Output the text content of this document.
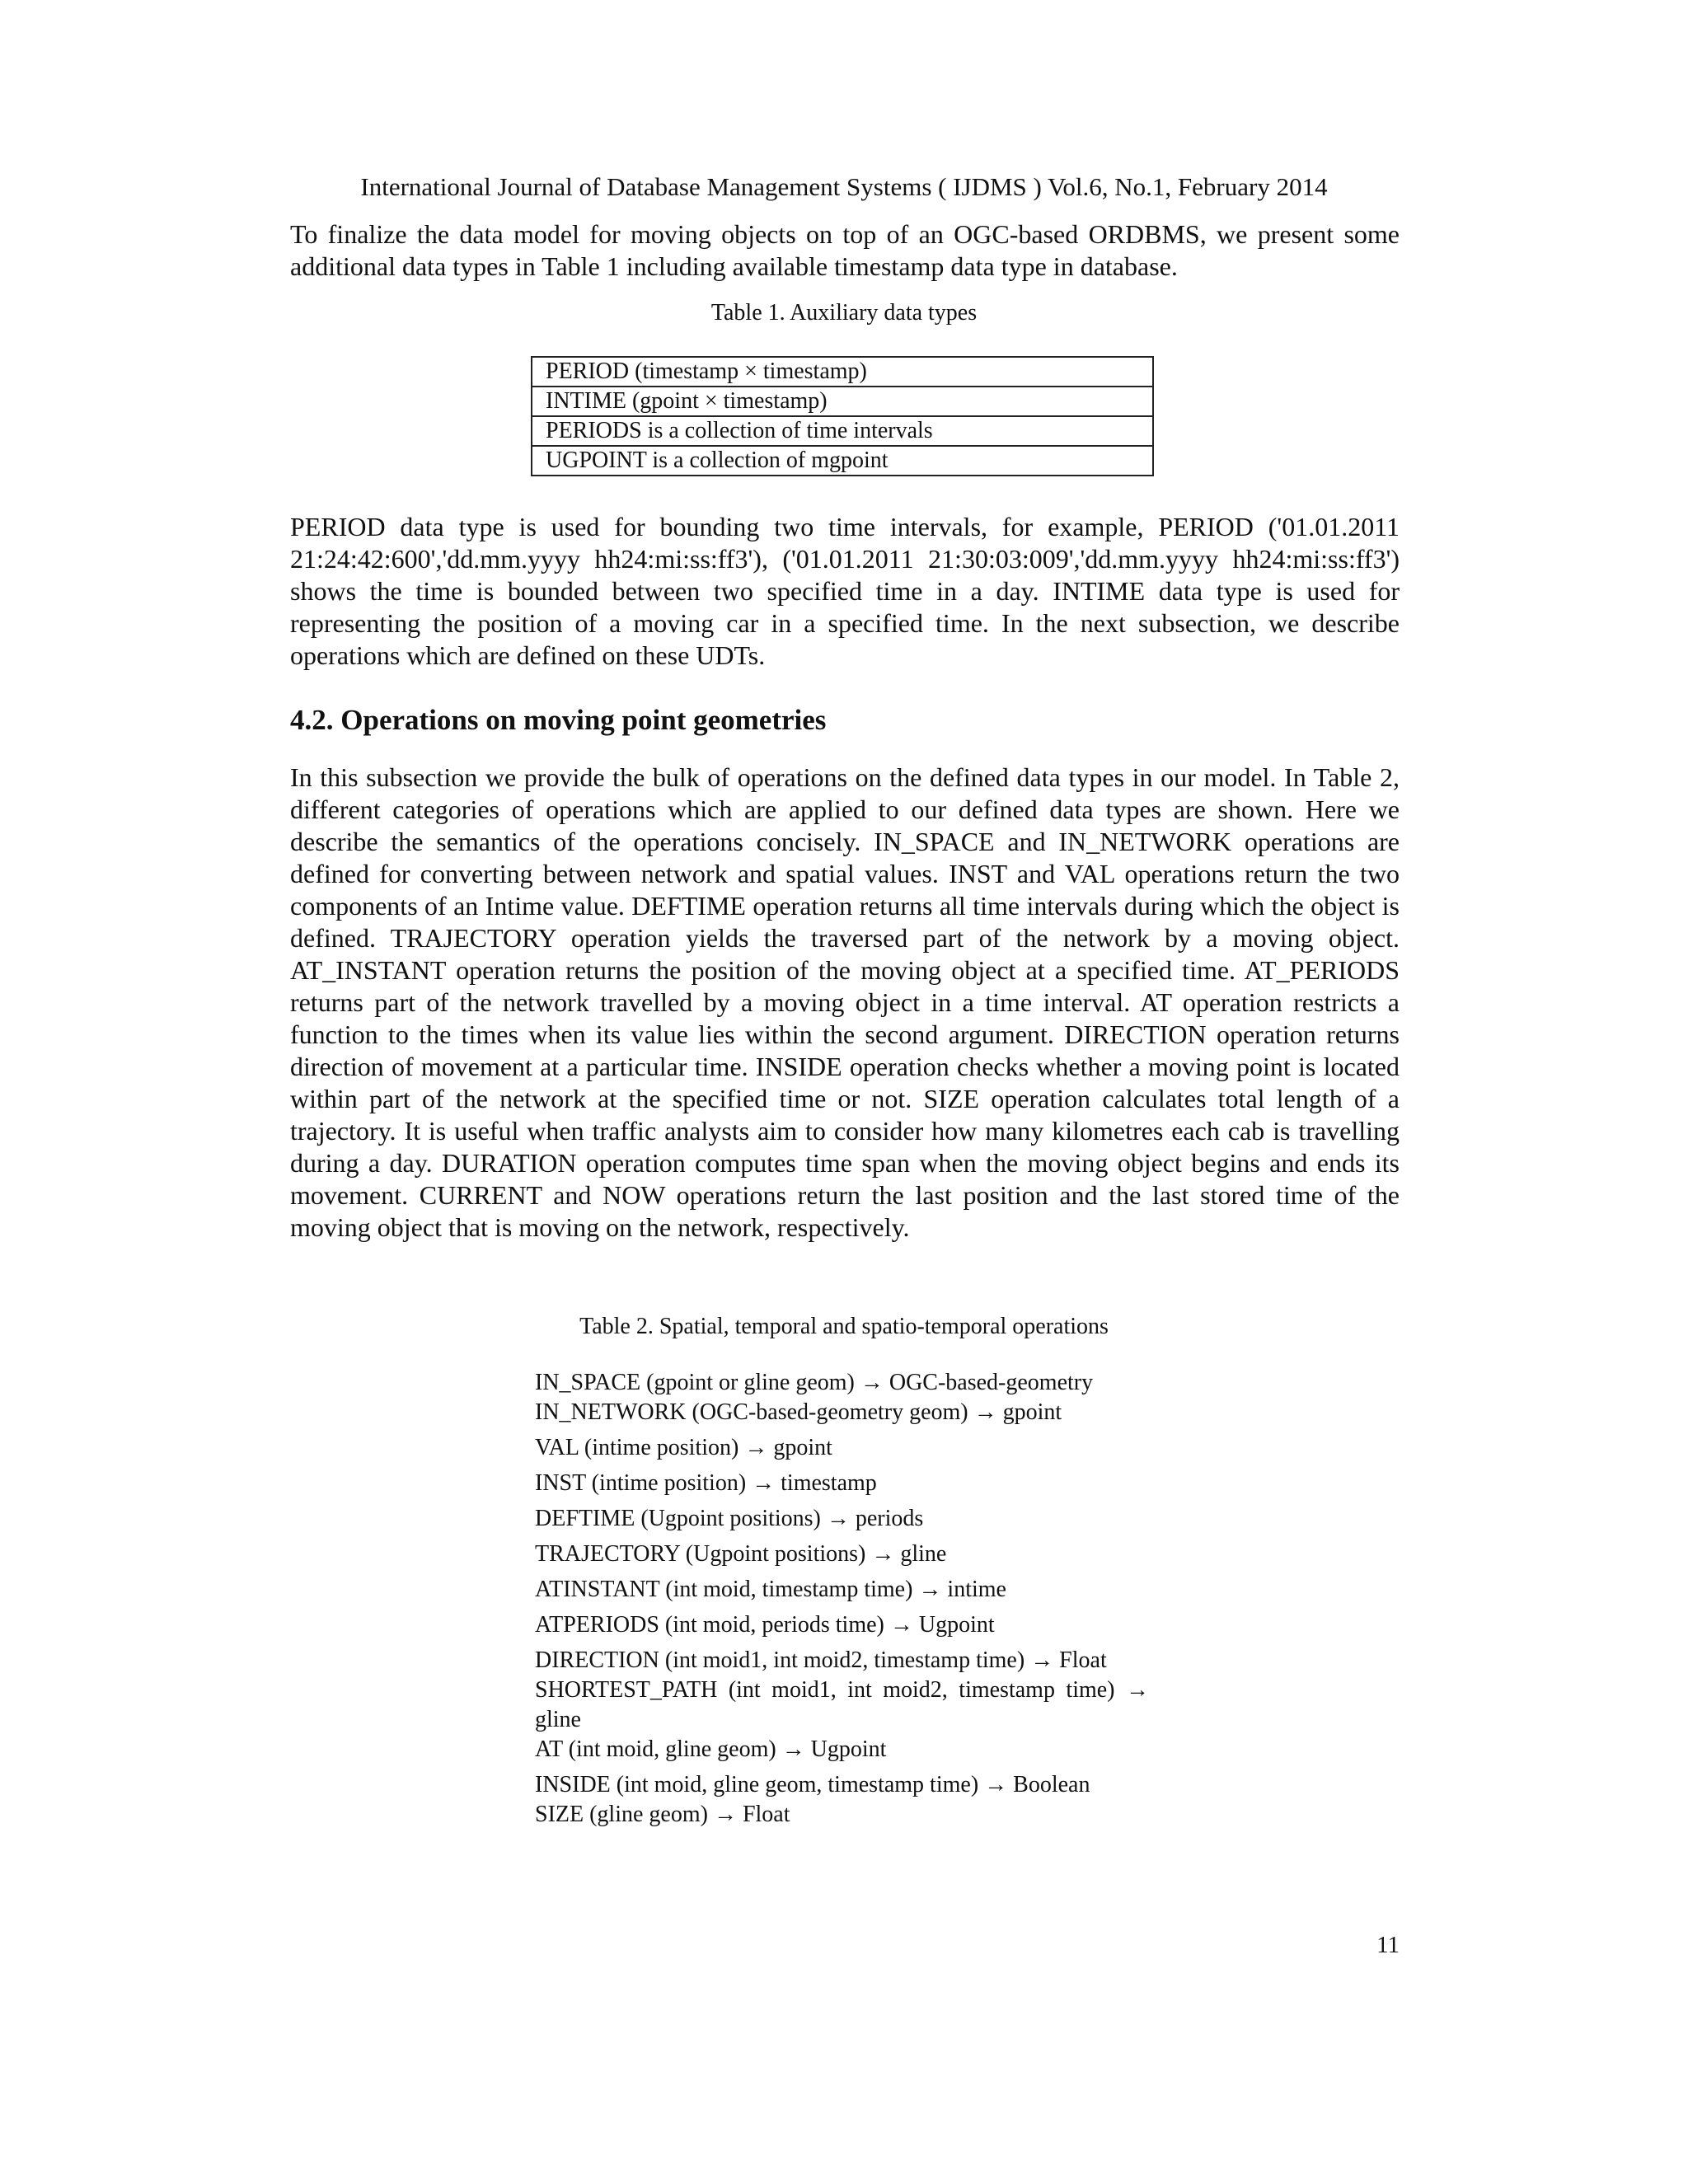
International Journal of Database Management Systems ( IJDMS ) Vol.6, No.1, February 2014

To finalize the data model for moving objects on top of an OGC-based ORDBMS, we present some additional data types in Table 1 including available timestamp data type in database.

Table 1. Auxiliary data types
PERIOD (timestamp × timestamp)
INTIME (gpoint × timestamp)
PERIODS is a collection of time intervals
UGPOINT is a collection of mgpoint

PERIOD data type is used for bounding two time intervals, for example, PERIOD ('01.01.2011 21:24:42:600','dd.mm.yyyy hh24:mi:ss:ff3'), ('01.01.2011 21:30:03:009','dd.mm.yyyy hh24:mi:ss:ff3') shows the time is bounded between two specified time in a day. INTIME data type is used for representing the position of a moving car in a specified time. In the next subsection, we describe operations which are defined on these UDTs.

4.2. Operations on moving point geometries

In this subsection we provide the bulk of operations on the defined data types in our model. In Table 2, different categories of operations which are applied to our defined data types are shown. Here we describe the semantics of the operations concisely. IN_SPACE and IN_NETWORK operations are defined for converting between network and spatial values. INST and VAL operations return the two components of an Intime value. DEFTIME operation returns all time intervals during which the object is defined. TRAJECTORY operation yields the traversed part of the network by a moving object. AT_INSTANT operation returns the position of the moving object at a specified time. AT_PERIODS returns part of the network travelled by a moving object in a time interval. AT operation restricts a function to the times when its value lies within the second argument. DIRECTION operation returns direction of movement at a particular time. INSIDE operation checks whether a moving point is located within part of the network at the specified time or not. SIZE operation calculates total length of a trajectory. It is useful when traffic analysts aim to consider how many kilometres each cab is travelling during a day. DURATION operation computes time span when the moving object begins and ends its movement. CURRENT and NOW operations return the last position and the last stored time of the moving object that is moving on the network, respectively.

Table 2. Spatial, temporal and spatio-temporal operations
IN_SPACE (gpoint or gline geom) → OGC-based-geometry
IN_NETWORK (OGC-based-geometry geom) → gpoint
VAL (intime position) → gpoint
INST (intime position) → timestamp
DEFTIME (Ugpoint positions) → periods
TRAJECTORY (Ugpoint positions) → gline
ATINSTANT (int moid, timestamp time) → intime
ATPERIODS (int moid, periods time) → Ugpoint
DIRECTION (int moid1, int moid2, timestamp time) → Float
SHORTEST_PATH (int moid1, int moid2, timestamp time) → gline
AT (int moid, gline geom) → Ugpoint
INSIDE (int moid, gline geom, timestamp time) → Boolean
SIZE (gline geom) → Float
11
